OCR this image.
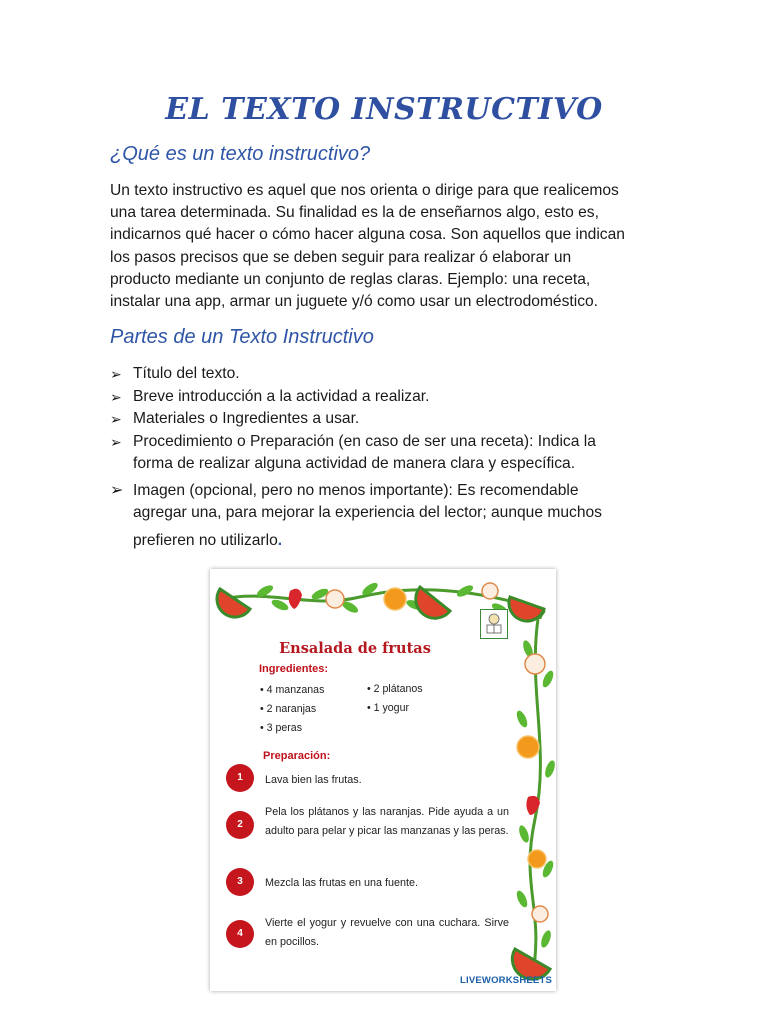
EL TEXTO INSTRUCTIVO
¿Qué es un texto instructivo?
Un texto instructivo es aquel que nos orienta o dirige para que realicemos
una tarea determinada. Su finalidad es la de enseñarnos algo, esto es,
indicarnos qué hacer o cómo hacer alguna cosa. Son aquellos que indican
los pasos precisos que se deben seguir para realizar ó elaborar un
producto mediante un conjunto de reglas claras. Ejemplo: una receta,
instalar una app, armar un juguete y/ó como usar un electrodoméstico.
Partes de un Texto Instructivo
➢ Título del texto.
➢ Breve introducción a la actividad a realizar.
➢ Materiales o Ingredientes a usar.
➢ Procedimiento o Preparación (en caso de ser una receta): Indica la
forma de realizar alguna actividad de manera clara y específica.
➢ Imagen (opcional, pero no menos importante): Es recomendable
agregar una, para mejorar la experiencia del lector; aunque muchos
prefieren no utilizarlo.
Ensalada de frutas
Ingredientes:
• 4 manzanas
• 2 naranjas
• 3 peras
• 2 plátanos
• 1 yogur
Preparación:
1	Lava bien las frutas.
2
Pela los plátanos y las naranjas. Pide ayuda a un adulto para pelar y picar las manzanas y las peras.
3	Mezcla las frutas en una fuente.
4
Vierte el yogur y revuelve con una cuchara. Sirve en pocillos.
LIVEWORKSHEETS
